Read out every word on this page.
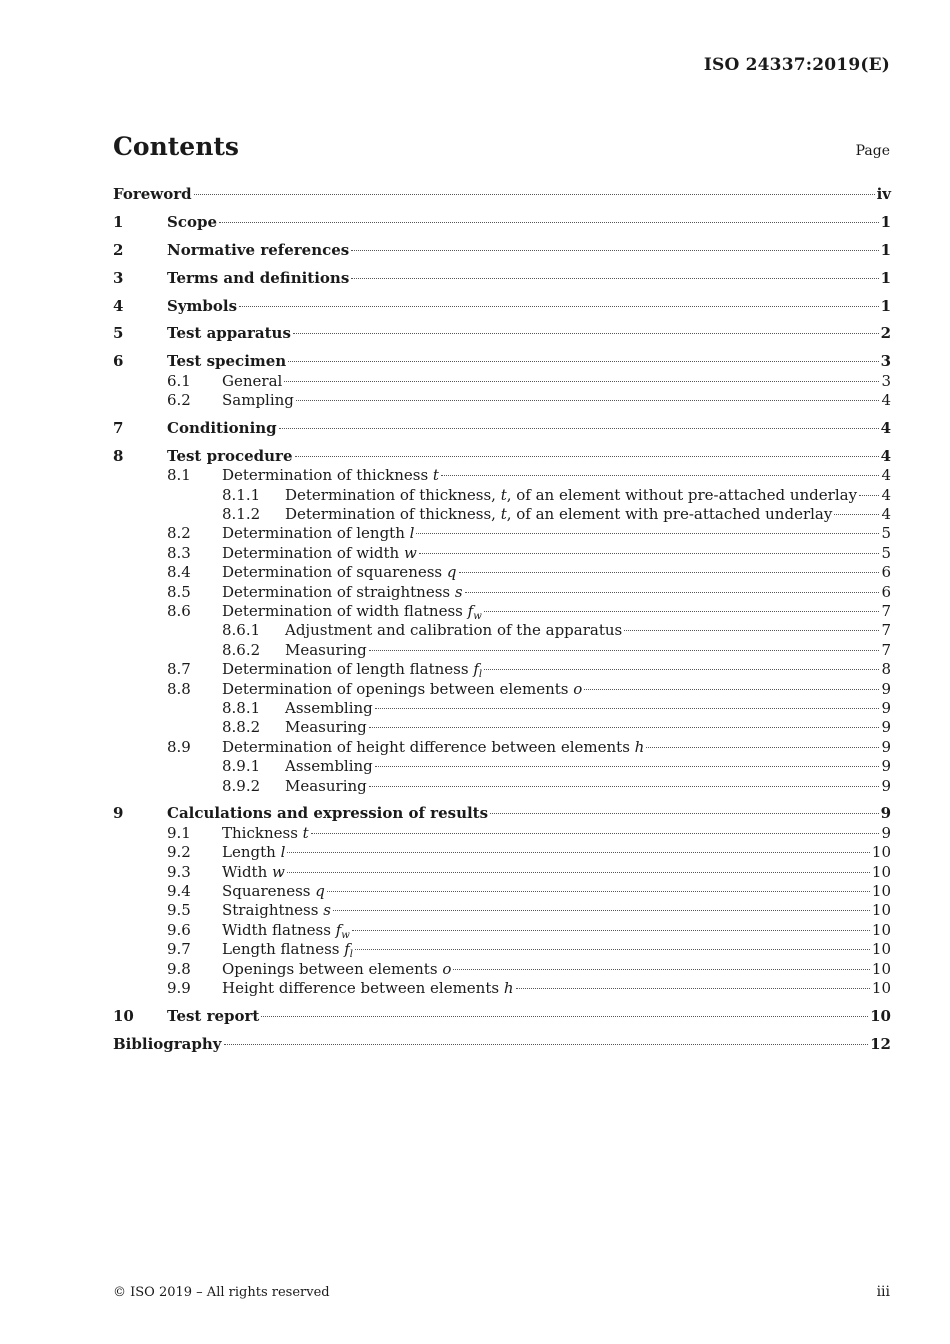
ISO 24337:2019(E)
Contents	Page
Foreword	iv
1	Scope	1
2	Normative references	1
3	Terms and definitions	1
4	Symbols	1
5	Test apparatus	2
6	Test specimen	3
6.1	General	3
6.2	Sampling	4
7	Conditioning	4
8	Test procedure	4
8.1	Determination of thickness t	4
8.1.1	Determination of thickness, t, of an element without pre-attached underlay 4
8.1.2	Determination of thickness, t, of an element with pre-attached underlay	4
8.2	Determination of length l	5
8.3	Determination of width w	5
8.4	Determination of squareness q	6
8.5	Determination of straightness s	6
8.6	Determination of width flatness $f_w$	7
8.6.1	Adjustment and calibration of the apparatus	7
8.6.2	Measuring	7
8.7	Determination of length flatness $f_l$	8
8.8	Determination of openings between elements o	9
8.8.1	Assembling	9
8.8.2	Measuring	9
8.9	Determination of height difference between elements h	9
8.9.1	Assembling	9
8.9.2	Measuring	9
9	Calculations and expression of results	9
9.1	Thickness t	9
9.2	Length l	10
9.3	Width w	10
9.4	Squareness q	10
9.5	Straightness s	10
9.6	Width flatness $f_w$	10
9.7	Length flatness $f_l$	10
9.8	Openings between elements o	10
9.9	Height difference between elements h	10
10	Test report	10
Bibliography	12
© ISO 2019 – All rights reserved	iii
